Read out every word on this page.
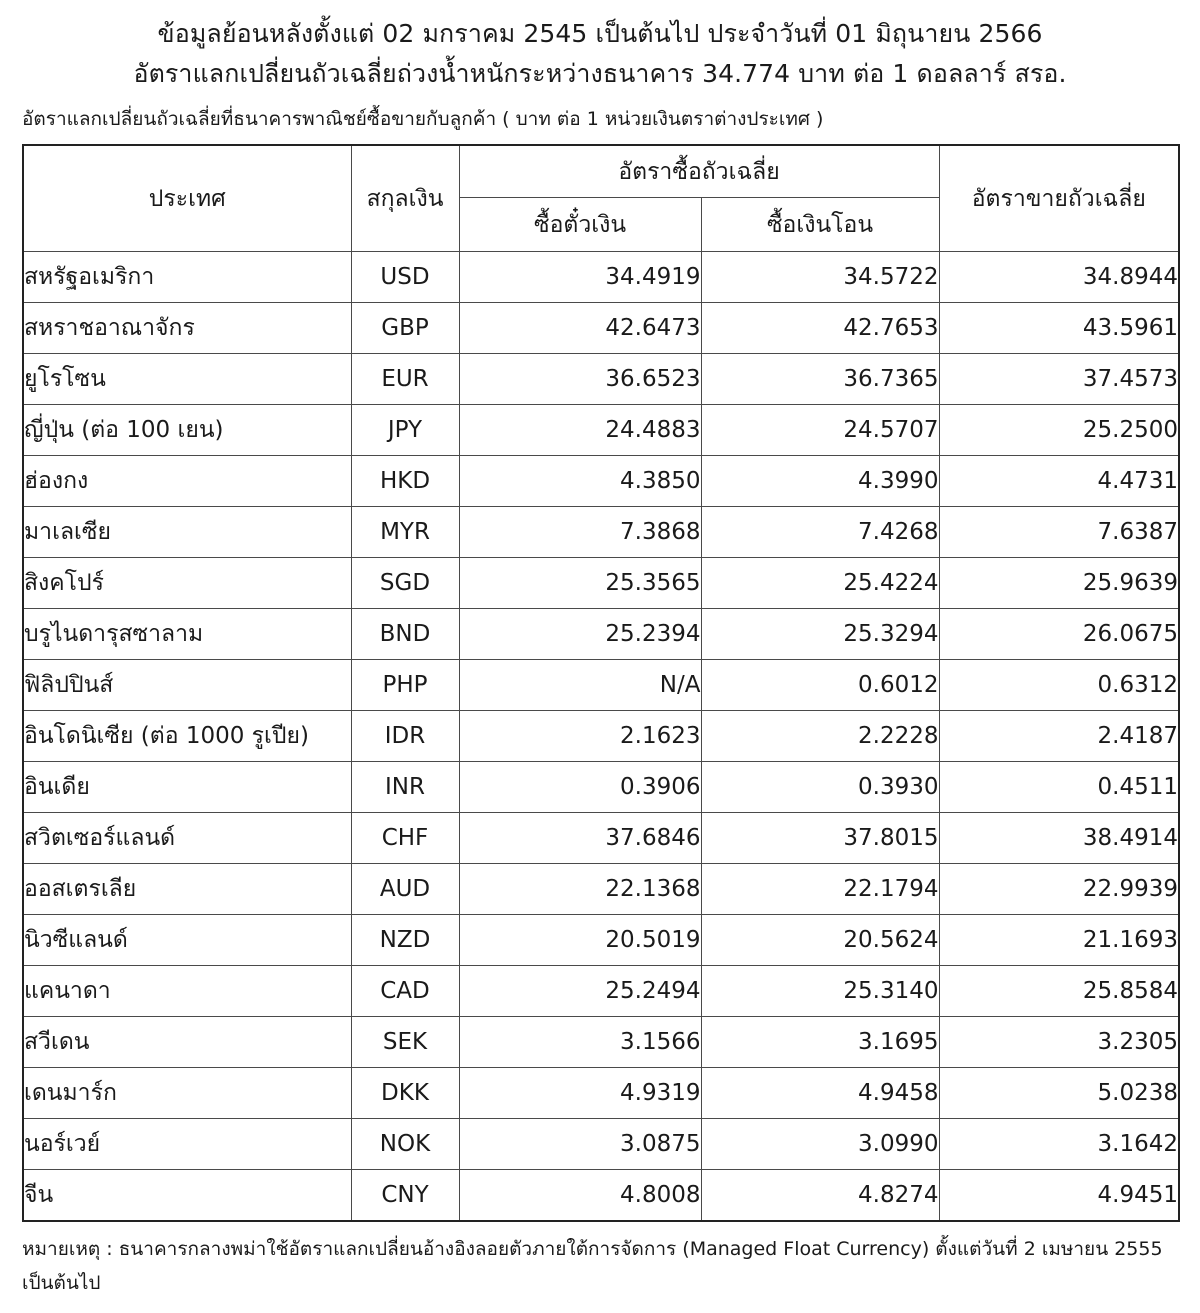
ข้อมูลย้อนหลังตั้งแต่ 02 มกราคม 2545 เป็นต้นไป ประจำวันที่ 01 มิถุนายน 2566
อัตราแลกเปลี่ยนถัวเฉลี่ยถ่วงน้ำหนักระหว่างธนาคาร 34.774 บาท ต่อ 1 ดอลลาร์ สรอ.
อัตราแลกเปลี่ยนถัวเฉลี่ยที่ธนาคารพาณิชย์ซื้อขายกับลูกค้า ( บาท ต่อ 1 หน่วยเงินตราต่างประเทศ )
ประเทศ	สกุลเงิน	อัตราซื้อถัวเฉลี่ย		อัตราขายถัวเฉลี่ย
		ซื้อตั๋วเงิน	ซื้อเงินโอน	
สหรัฐอเมริกา	USD	34.4919	34.5722	34.8944
สหราชอาณาจักร	GBP	42.6473	42.7653	43.5961
ยูโรโซน	EUR	36.6523	36.7365	37.4573
ญี่ปุ่น (ต่อ 100 เยน)	JPY	24.4883	24.5707	25.2500
ฮ่องกง	HKD	4.3850	4.3990	4.4731
มาเลเซีย	MYR	7.3868	7.4268	7.6387
สิงคโปร์	SGD	25.3565	25.4224	25.9639
บรูไนดารุสซาลาม	BND	25.2394	25.3294	26.0675
ฟิลิปปินส์	PHP	N/A	0.6012	0.6312
อินโดนิเซีย (ต่อ 1000 รูเปีย)	IDR	2.1623	2.2228	2.4187
อินเดีย	INR	0.3906	0.3930	0.4511
สวิตเซอร์แลนด์	CHF	37.6846	37.8015	38.4914
ออสเตรเลีย	AUD	22.1368	22.1794	22.9939
นิวซีแลนด์	NZD	20.5019	20.5624	21.1693
แคนาดา	CAD	25.2494	25.3140	25.8584
สวีเดน	SEK	3.1566	3.1695	3.2305
เดนมาร์ก	DKK	4.9319	4.9458	5.0238
นอร์เวย์	NOK	3.0875	3.0990	3.1642
จีน	CNY	4.8008	4.8274	4.9451
หมายเหตุ : ธนาคารกลางพม่าใช้อัตราแลกเปลี่ยนอ้างอิงลอยตัวภายใต้การจัดการ (Managed Float Currency) ตั้งแต่วันที่ 2 เมษายน 2555 เป็นต้นไป
